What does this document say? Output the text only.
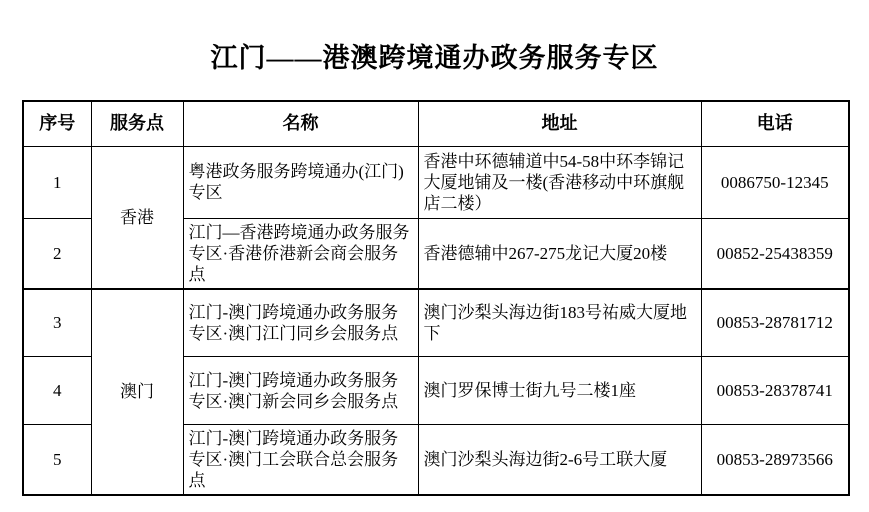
江门——港澳跨境通办政务服务专区
序号	服务点	名称	地址	电话
1	香港	粤港政务服务跨境通办(江门)专区	香港中环德辅道中54-58中环李锦记大厦地铺及一楼(香港移动中环旗舰店二楼）	0086750-12345
2		江门—香港跨境通办政务服务专区·香港侨港新会商会服务点	香港德辅中267-275龙记大厦20楼	00852-25438359
3	澳门	江门-澳门跨境通办政务服务专区·澳门江门同乡会服务点	澳门沙梨头海边街183号祐威大厦地下	00853-28781712
4		江门-澳门跨境通办政务服务专区·澳门新会同乡会服务点	澳门罗保博士街九号二楼1座	00853-28378741
5		江门-澳门跨境通办政务服务专区·澳门工会联合总会服务点	澳门沙梨头海边街2-6号工联大厦	00853-28973566
